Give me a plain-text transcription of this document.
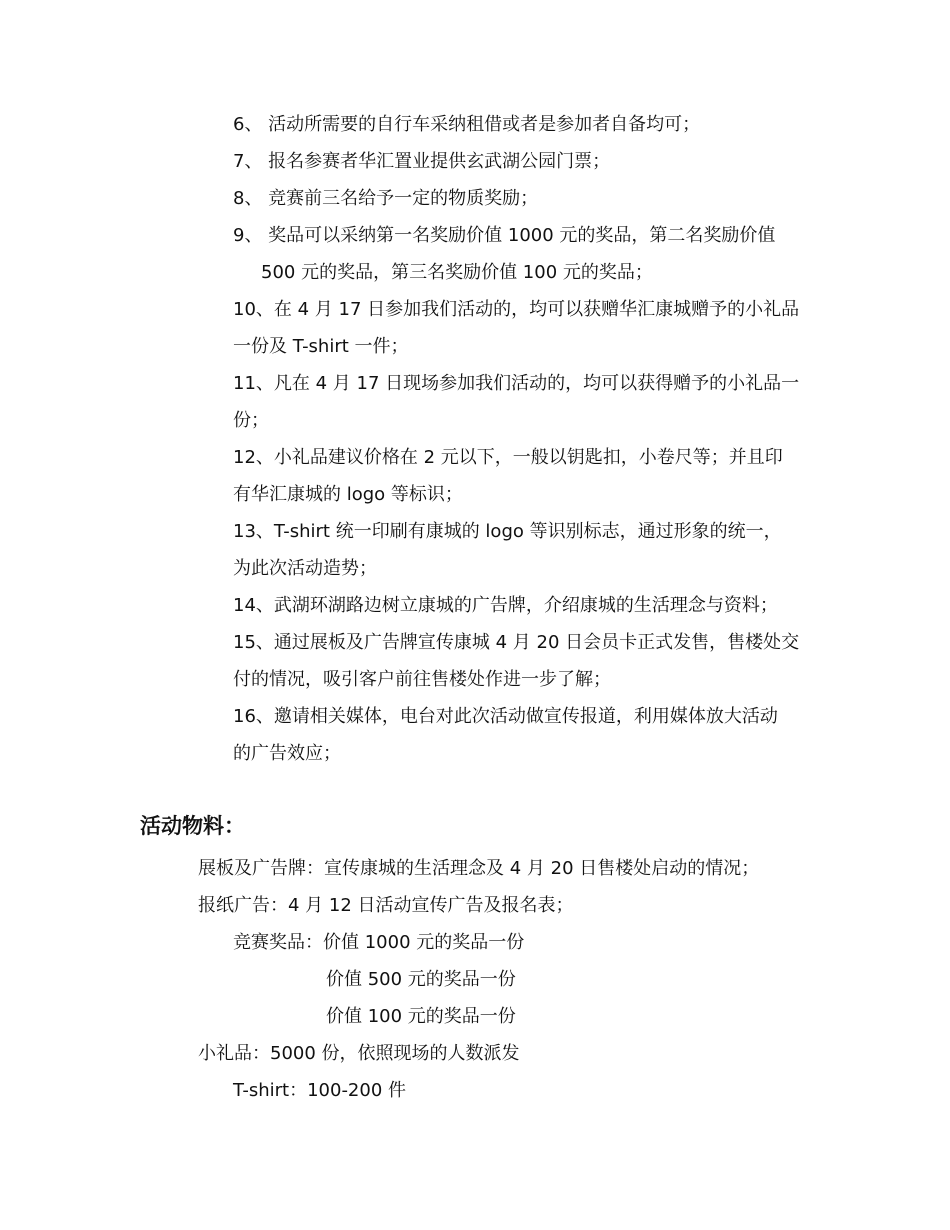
6、 活动所需要的自行车采纳租借或者是参加者自备均可；
7、 报名参赛者华汇置业提供玄武湖公园门票；
8、 竞赛前三名给予一定的物质奖励；
9、 奖品可以采纳第一名奖励价值 1000 元的奖品，第二名奖励价值
500 元的奖品，第三名奖励价值 100 元的奖品；
10、在 4 月 17 日参加我们活动的，均可以获赠华汇康城赠予的小礼品
一份及 T-shirt 一件；
11、凡在 4 月 17 日现场参加我们活动的，均可以获得赠予的小礼品一
份；
12、小礼品建议价格在 2 元以下，一般以钥匙扣，小卷尺等；并且印
有华汇康城的 logo 等标识；
13、T-shirt 统一印刷有康城的 logo 等识别标志，通过形象的统一，
为此次活动造势；
14、武湖环湖路边树立康城的广告牌，介绍康城的生活理念与资料；
15、通过展板及广告牌宣传康城 4 月 20 日会员卡正式发售，售楼处交
付的情况，吸引客户前往售楼处作进一步了解；
16、邀请相关媒体，电台对此次活动做宣传报道，利用媒体放大活动
的广告效应；
活动物料：
展板及广告牌：宣传康城的生活理念及 4 月 20 日售楼处启动的情况；
报纸广告：4 月 12 日活动宣传广告及报名表；
竞赛奖品：价值 1000 元的奖品一份
价值 500 元的奖品一份
价值 100 元的奖品一份
小礼品：5000 份，依照现场的人数派发
T-shirt：100-200 件
